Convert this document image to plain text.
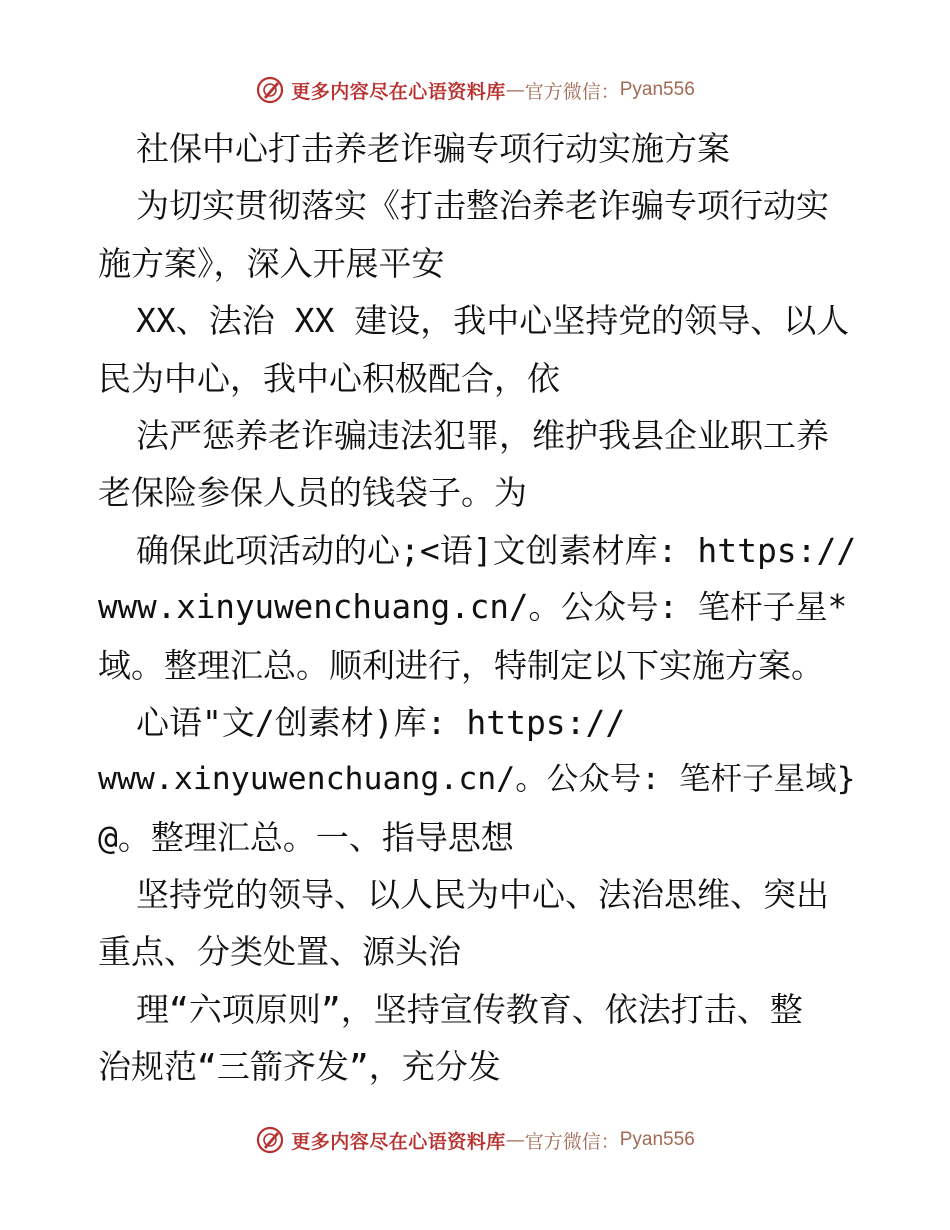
更多内容尽在心语资料库 — 官方微信： Pyan556
社保中心打击养老诈骗专项行动实施方案
为切实贯彻落实《打击整治养老诈骗专项行动实
施方案》，深入开展平安
XX、法治 XX 建设，我中心坚持党的领导、以人
民为中心，我中心积极配合，依
法严惩养老诈骗违法犯罪，维护我县企业职工养
老保险参保人员的钱袋子。为
确保此项活动的心;<语]文创素材库: https://
www.xinyuwenchuang.cn/。公众号: 笔杆子星*
域。整理汇总。顺利进行，特制定以下实施方案。
心语"文/创素材)库: https://
www.xinyuwenchuang.cn/。公众号: 笔杆子星域}
@。整理汇总。一、指导思想
坚持党的领导、以人民为中心、法治思维、突出
重点、分类处置、源头治
理“六项原则”，坚持宣传教育、依法打击、整
治规范“三箭齐发”，充分发
更多内容尽在心语资料库 — 官方微信： Pyan556
